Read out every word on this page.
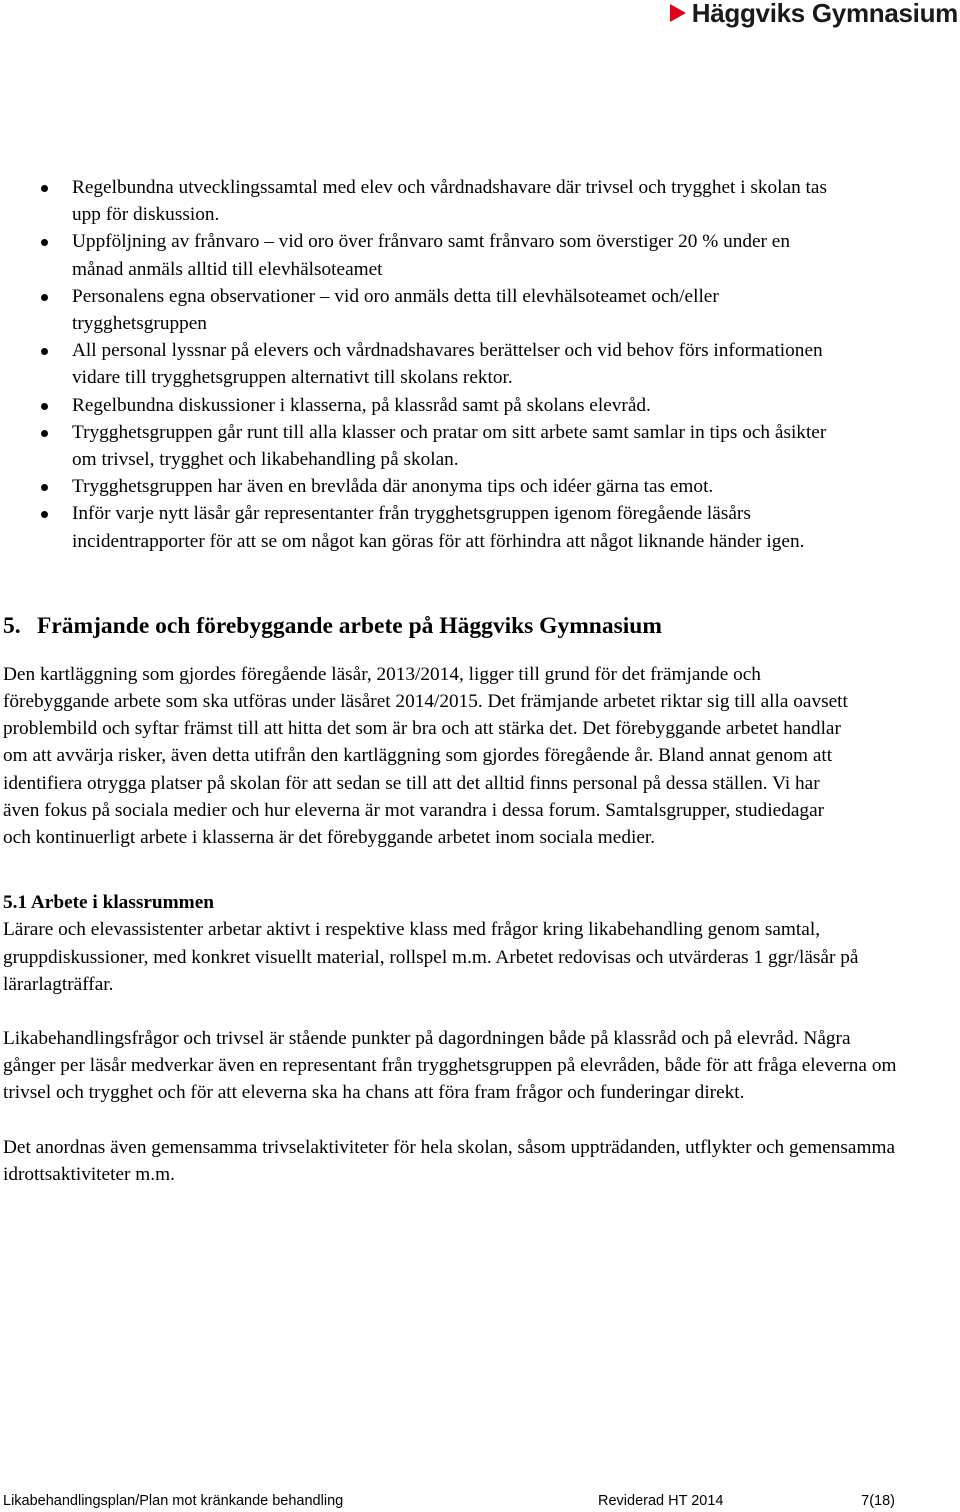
Häggviks Gymnasium
Regelbundna utvecklingssamtal med elev och vårdnadshavare där trivsel och trygghet i skolan tas upp för diskussion.
Uppföljning av frånvaro – vid oro över frånvaro samt frånvaro som överstiger 20 % under en månad anmäls alltid till elevhälsoteamet
Personalens egna observationer – vid oro anmäls detta till elevhälsoteamet och/eller trygghetsgruppen
All personal lyssnar på elevers och vårdnadshavares berättelser och vid behov förs informationen vidare till trygghetsgruppen alternativt till skolans rektor.
Regelbundna diskussioner i klasserna, på klassråd samt på skolans elevråd.
Trygghetsgruppen går runt till alla klasser och pratar om sitt arbete samt samlar in tips och åsikter om trivsel, trygghet och likabehandling på skolan.
Trygghetsgruppen har även en brevlåda där anonyma tips och idéer gärna tas emot.
Inför varje nytt läsår går representanter från trygghetsgruppen igenom föregående läsårs incidentrapporter för att se om något kan göras för att förhindra att något liknande händer igen.
5. Främjande och förebyggande arbete på Häggviks Gymnasium

Den kartläggning som gjordes föregående läsår, 2013/2014, ligger till grund för det främjande och förebyggande arbete som ska utföras under läsåret 2014/2015. Det främjande arbetet riktar sig till alla oavsett problembild och syftar främst till att hitta det som är bra och att stärka det. Det förebyggande arbetet handlar om att avvärja risker, även detta utifrån den kartläggning som gjordes föregående år. Bland annat genom att identifiera otrygga platser på skolan för att sedan se till att det alltid finns personal på dessa ställen. Vi har även fokus på sociala medier och hur eleverna är mot varandra i dessa forum. Samtalsgrupper, studiedagar och kontinuerligt arbete i klasserna är det förebyggande arbetet inom sociala medier.

5.1 Arbete i klassrummen

Lärare och elevassistenter arbetar aktivt i respektive klass med frågor kring likabehandling genom samtal, gruppdiskussioner, med konkret visuellt material, rollspel m.m. Arbetet redovisas och utvärderas 1 ggr/läsår på lärarlagträffar.

Likabehandlingsfrågor och trivsel är stående punkter på dagordningen både på klassråd och på elevråd. Några gånger per läsår medverkar även en representant från trygghetsgruppen på elevråden, både för att fråga eleverna om trivsel och trygghet och för att eleverna ska ha chans att föra fram frågor och funderingar direkt.

Det anordnas även gemensamma trivselaktiviteter för hela skolan, såsom uppträdanden, utflykter och gemensamma idrottsaktiviteter m.m.

Likabehandlingsplan/Plan mot kränkande behandling	Reviderad HT 2014	7(18)
